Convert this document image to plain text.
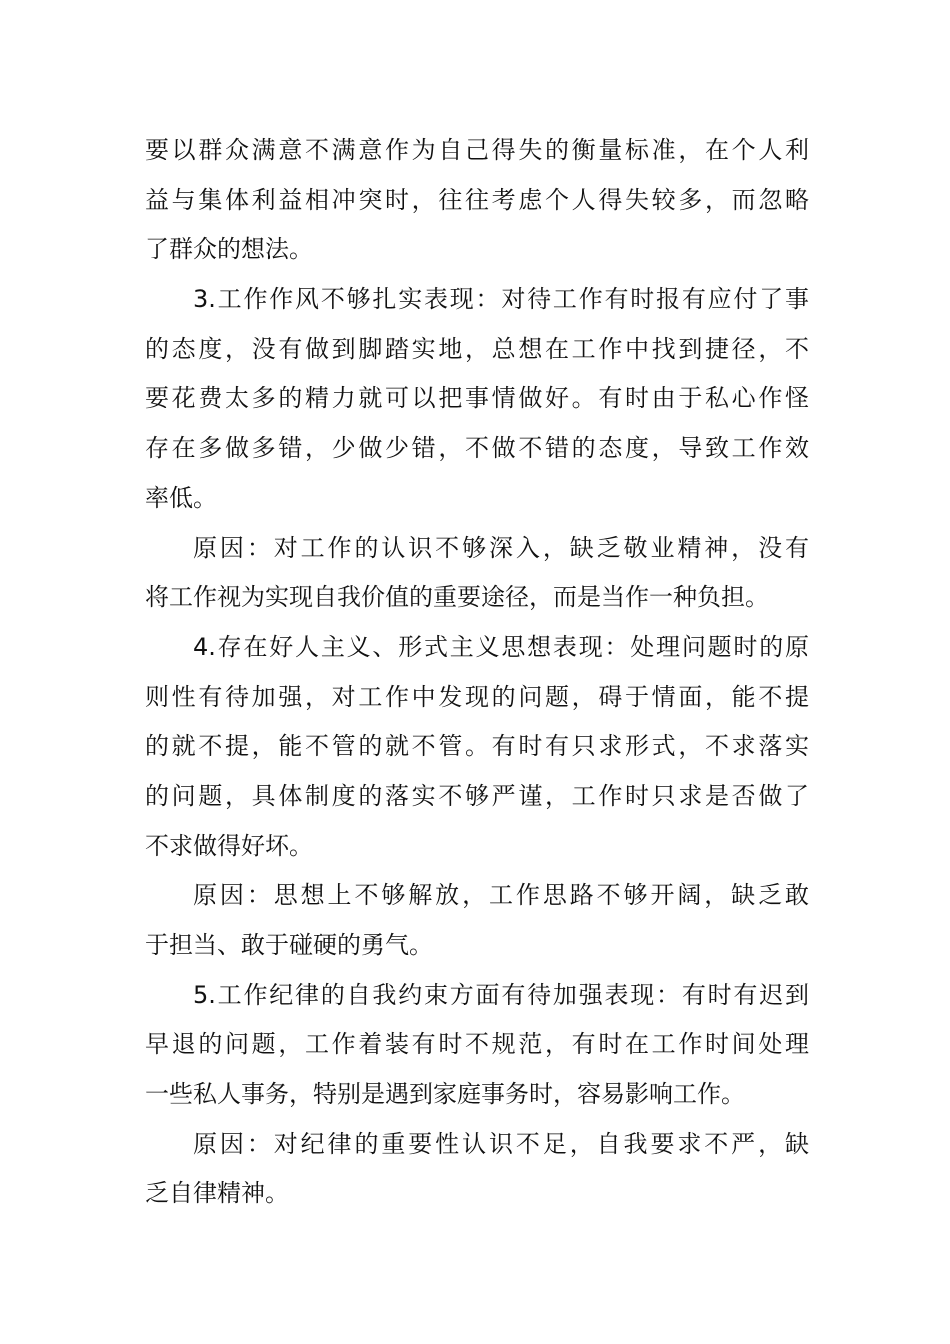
要以群众满意不满意作为自己得失的衡量标准，在个人利
益与集体利益相冲突时，往往考虑个人得失较多，而忽略
了群众的想法。
3.工作作风不够扎实表现：对待工作有时报有应付了事
的态度，没有做到脚踏实地，总想在工作中找到捷径，不
要花费太多的精力就可以把事情做好。有时由于私心作怪
存在多做多错，少做少错，不做不错的态度，导致工作效
率低。
原因：对工作的认识不够深入，缺乏敬业精神，没有
将工作视为实现自我价值的重要途径，而是当作一种负担。
4.存在好人主义、形式主义思想表现：处理问题时的原
则性有待加强，对工作中发现的问题，碍于情面，能不提
的就不提，能不管的就不管。有时有只求形式，不求落实
的问题，具体制度的落实不够严谨，工作时只求是否做了
不求做得好坏。
原因：思想上不够解放，工作思路不够开阔，缺乏敢
于担当、敢于碰硬的勇气。
5.工作纪律的自我约束方面有待加强表现：有时有迟到
早退的问题，工作着装有时不规范，有时在工作时间处理
一些私人事务，特别是遇到家庭事务时，容易影响工作。
原因：对纪律的重要性认识不足，自我要求不严，缺
乏自律精神。
